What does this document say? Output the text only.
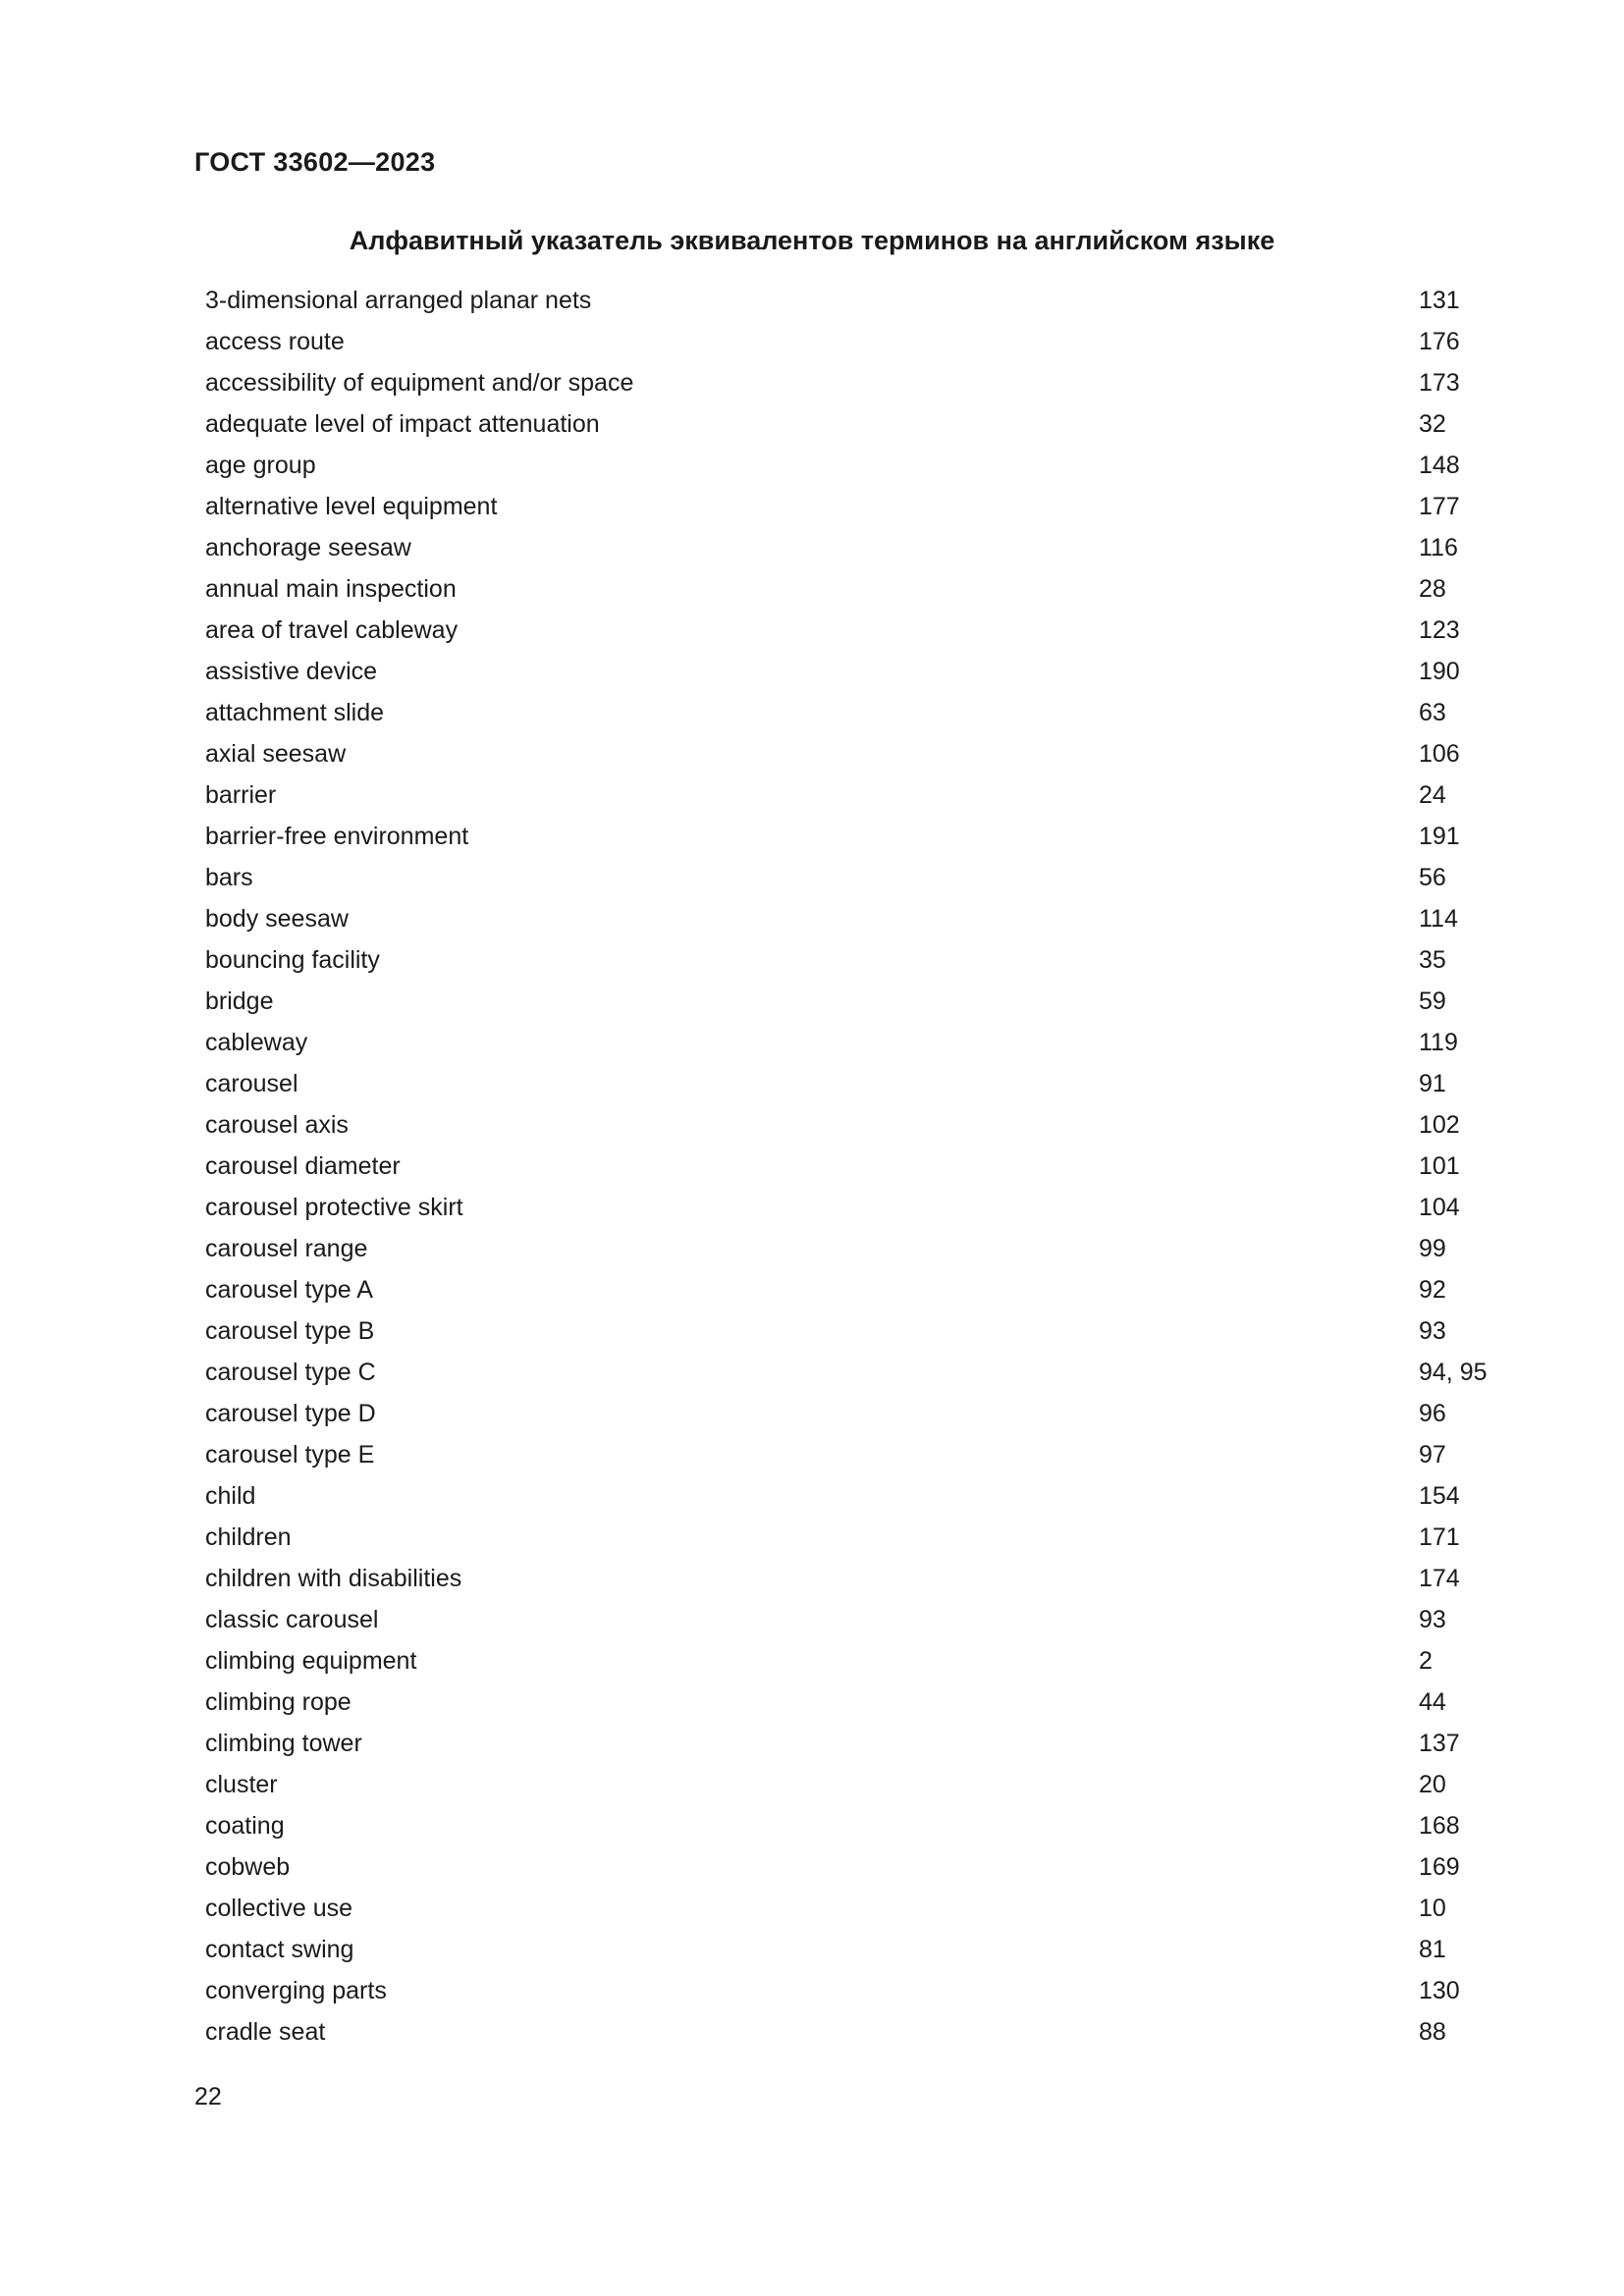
ГОСТ 33602—2023
Алфавитный указатель эквивалентов терминов на английском языке
3-dimensional arranged planar nets	131
access route	176
accessibility of equipment and/or space	173
adequate level of impact attenuation	32
age group	148
alternative level equipment	177
anchorage seesaw	116
annual main inspection	28
area of travel cableway	123
assistive device	190
attachment slide	63
axial seesaw	106
barrier	24
barrier-free environment	191
bars	56
body seesaw	114
bouncing facility	35
bridge	59
cableway	119
carousel	91
carousel axis	102
carousel diameter	101
carousel protective skirt	104
carousel range	99
carousel type A	92
carousel type B	93
carousel type C	94, 95
carousel type D	96
carousel type E	97
child	154
children	171
children with disabilities	174
classic carousel	93
climbing equipment	2
climbing rope	44
climbing tower	137
cluster	20
coating	168
cobweb	169
collective use	10
contact swing	81
converging parts	130
cradle seat	88
22
